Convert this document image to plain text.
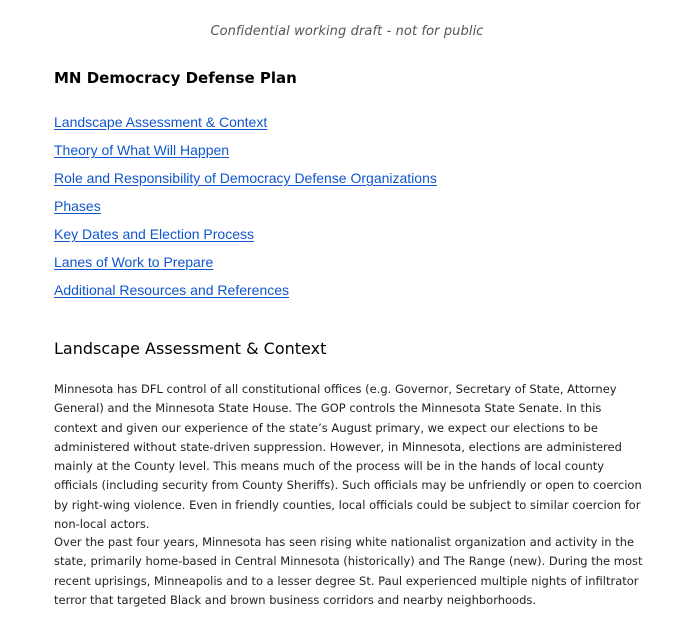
Confidential working draft - not for public
MN Democracy Defense Plan
Landscape Assessment & Context
Theory of What Will Happen
Role and Responsibility of Democracy Defense Organizations
Phases
Key Dates and Election Process
Lanes of Work to Prepare
Additional Resources and References
Landscape Assessment & Context

Minnesota has DFL control of all constitutional offices (e.g. Governor, Secretary of State, Attorney General) and the Minnesota State House. The GOP controls the Minnesota State Senate. In this context and given our experience of the state’s August primary, we expect our elections to be administered without state-driven suppression. However, in Minnesota, elections are administered mainly at the County level. This means much of the process will be in the hands of local county officials (including security from County Sheriffs). Such officials may be unfriendly or open to coercion by right-wing violence. Even in friendly counties, local officials could be subject to similar coercion for non-local actors.

Over the past four years, Minnesota has seen rising white nationalist organization and activity in the state, primarily home-based in Central Minnesota (historically) and The Range (new). During the most recent uprisings, Minneapolis and to a lesser degree St. Paul experienced multiple nights of infiltrator terror that targeted Black and brown business corridors and nearby neighborhoods.
